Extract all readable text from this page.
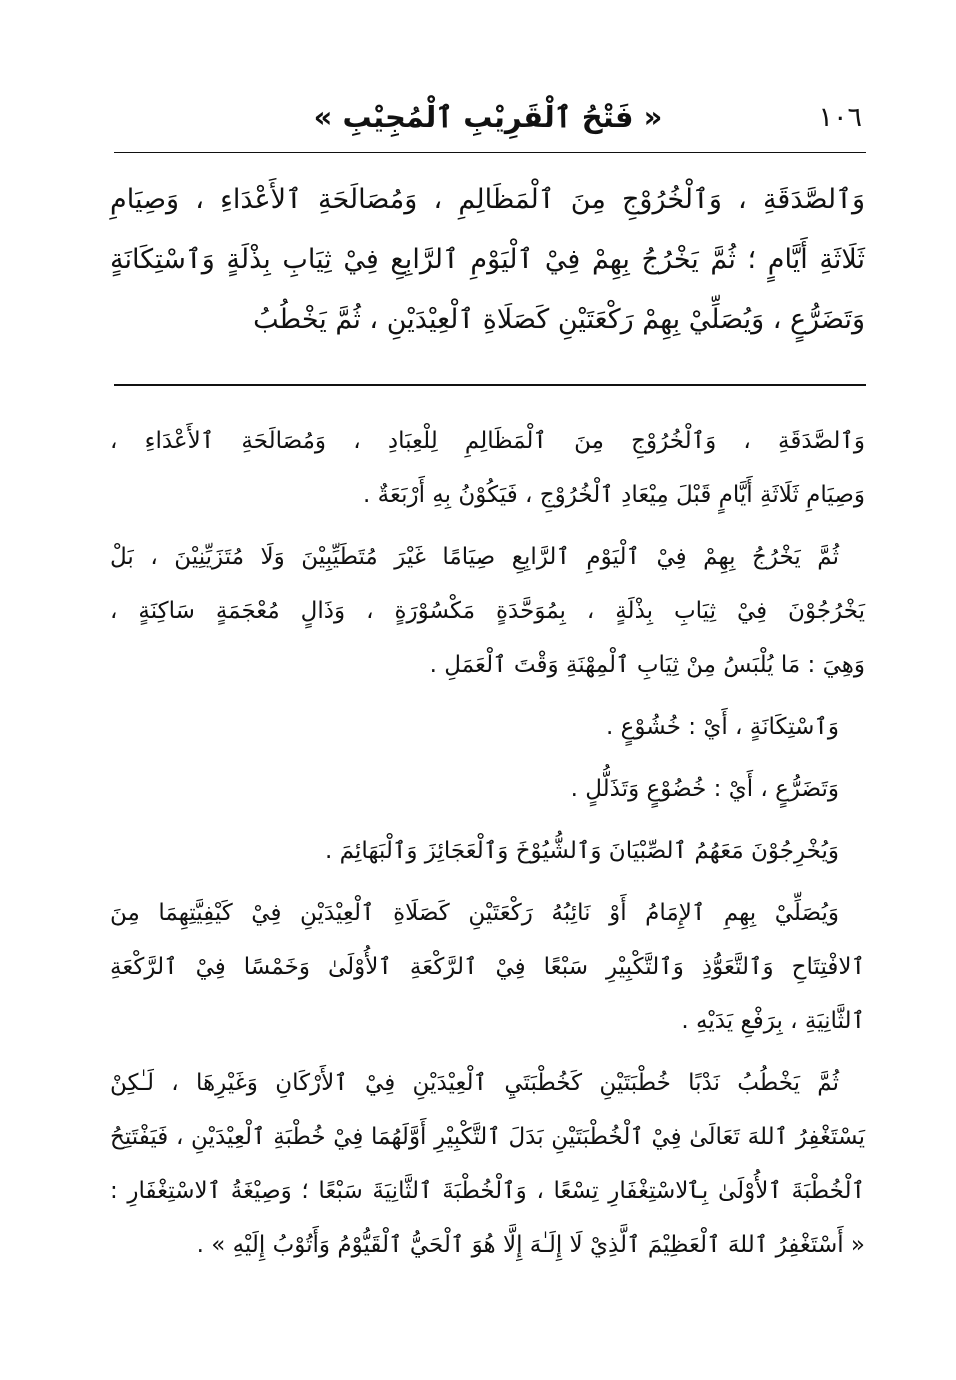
١٠٦
« فَتْحُ ٱلْقَرِيْبِ ٱلْمُجِيْبِ »
وَٱلصَّدَقَةِ ، وَٱلْخُرُوْجِ مِنَ ٱلْمَظَالِمِ ، وَمُصَالَحَةِ ٱلأَعْدَاءِ ، وَصِيَامِ
ثَلَاثَةِ أَيَّامٍ ؛ ثُمَّ يَخْرُجُ بِهِمْ فِيْ ٱلْيَوْمِ ٱلرَّابِعِ فِيْ ثِيَابِ بِذْلَةٍ وَٱسْتِكَانَةٍ
وَتَضَرُّعٍ ، وَيُصَلِّيْ بِهِمْ رَكْعَتَيْنِ كَصَلَاةِ ٱلْعِيْدَيْنِ ، ثُمَّ يَخْطُبُ

وَٱلصَّدَقَةِ ، وَٱلْخُرُوْجِ مِنَ ٱلْمَظَالِمِ لِلْعِبَادِ ، وَمُصَالَحَةِ ٱلأَعْدَاءِ ،
وَصِيَامِ ثَلَاثَةِ أَيَّامٍ قَبْلَ مِيْعَادِ ٱلْخُرُوْجِ ، فَيَكُوْنُ بِهِ أَرْبَعَةٌ .

ثُمَّ يَخْرُجُ بِهِمْ فِيْ ٱلْيَوْمِ ٱلرَّابِعِ صِيَامًا غَيْرَ مُتَطَيِّبِيْنَ وَلَا مُتَزَيِّنِيْنَ ، بَلْ
يَخْرُجُوْنَ فِيْ ثِيَابِ بِذْلَةٍ ، بِمُوَحَّدَةٍ مَكْسُوْرَةٍ ، وَذَالٍ مُعْجَمَةٍ سَاكِنَةٍ ،
وَهِيَ : مَا يُلْبَسُ مِنْ ثِيَابِ ٱلْمِهْنَةِ وَقْتَ ٱلْعَمَلِ .

وَٱسْتِكَانَةٍ ، أَيْ : خُشُوْعٍ .

وَتَضَرُّعٍ ، أَيْ : خُضُوْعٍ وَتَذَلُّلٍ .

وَيُخْرِجُوْنَ مَعَهُمُ ٱلصِّبْيَانَ وَٱلشُّيُوْخَ وَٱلْعَجَائِزَ وَٱلْبَهَائِمَ .

وَيُصَلِّيْ بِهِمِ ٱلإِمَامُ أَوْ نَائِبُهُ رَكْعَتَيْنِ كَصَلَاةِ ٱلْعِيْدَيْنِ فِيْ كَيْفِيَّتِهِمَا مِنَ
ٱلافْتِتَاحِ وَٱلتَّعَوُّذِ وَٱلتَّكْبِيْرِ سَبْعًا فِيْ ٱلرَّكْعَةِ ٱلأُوْلَىٰ وَخَمْسًا فِيْ ٱلرَّكْعَةِ
ٱلثَّانِيَةِ ، بِرَفْعِ يَدَيْهِ .

ثُمَّ يَخْطُبُ نَدْبًا خُطْبَتَيْنِ كَخُطْبَتَيِ ٱلْعِيْدَيْنِ فِيْ ٱلأَرْكَانِ وَغَيْرِهَا ، لَـٰكِنْ
يَسْتَغْفِرُ ٱللهَ تَعَالَىٰ فِيْ ٱلْخُطْبَتَيْنِ بَدَلَ ٱلتَّكْبِيْرِ أَوَّلَهُمَا فِيْ خُطْبَةِ ٱلْعِيْدَيْنِ ، فَيَفْتَتِحُ
ٱلْخُطْبَةَ ٱلأُوْلَىٰ بِٱلاسْتِغْفَارِ تِسْعًا ، وَٱلْخُطْبَةَ ٱلثَّانِيَةَ سَبْعًا ؛ وَصِيْغَةُ ٱلاسْتِغْفَارِ :
« أَسْتَغْفِرُ ٱللهَ ٱلْعَظِيْمَ ٱلَّذِيْ لَا إِلَـٰهَ إِلَّا هُوَ ٱلْحَيُّ ٱلْقَيُّوْمُ وَأَتُوْبُ إِلَيْهِ » .
